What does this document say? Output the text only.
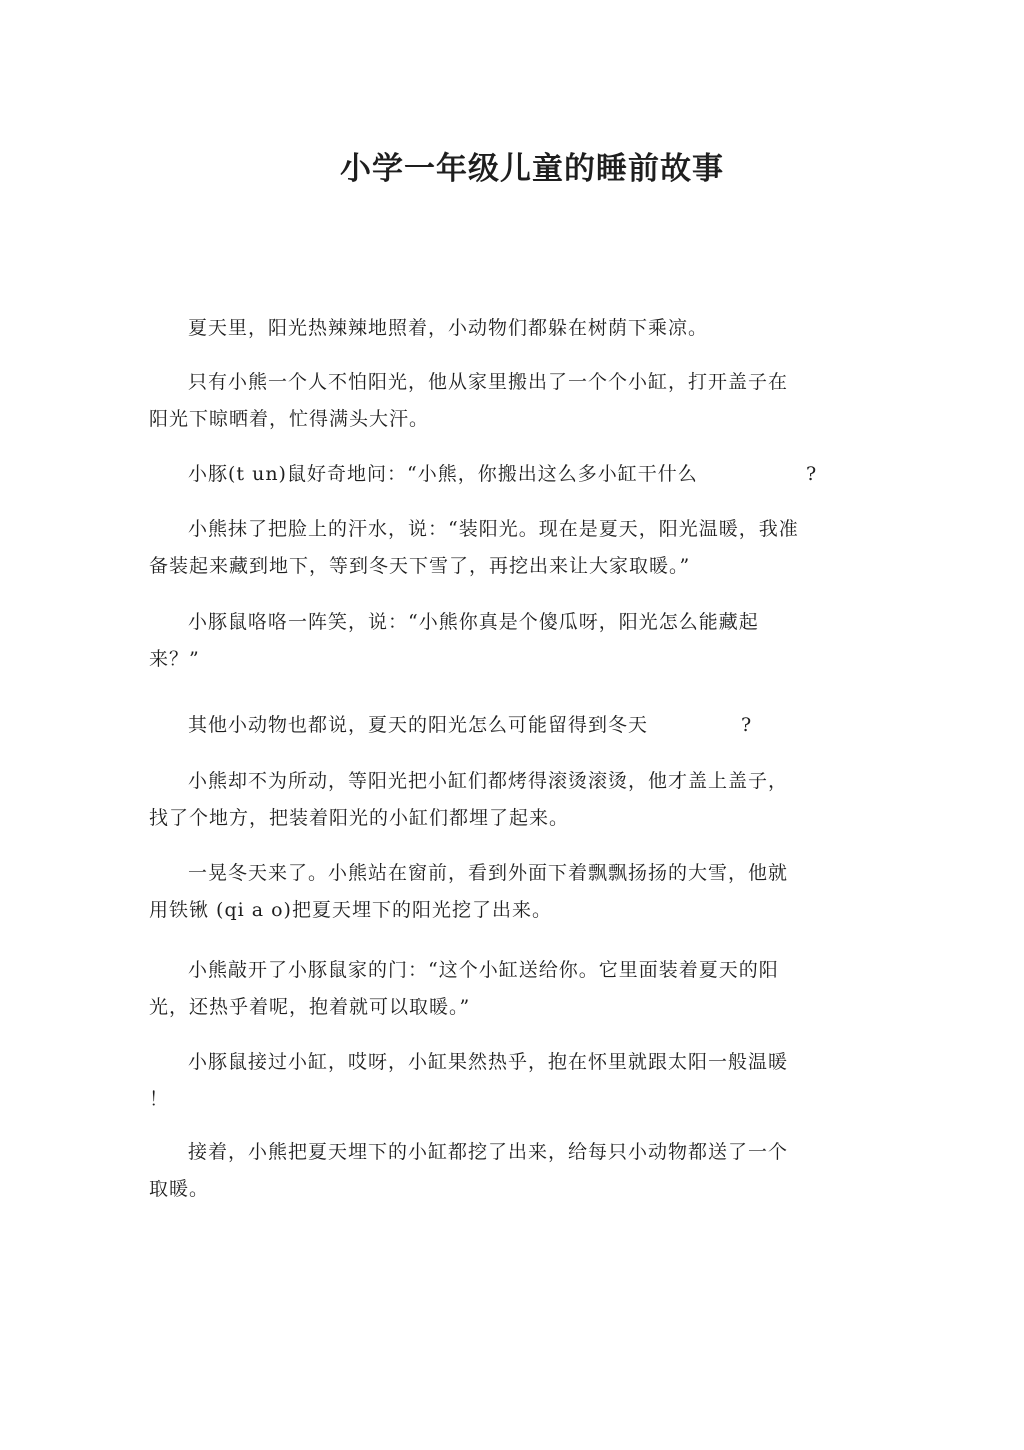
小学一年级儿童的睡前故事

夏天里，阳光热辣辣地照着，小动物们都躲在树荫下乘凉。

只有小熊一个人不怕阳光，他从家里搬出了一个个小缸，打开盖子在阳光下晾晒着，忙得满头大汗。

小豚(t un)鼠好奇地问：“小熊，你搬出这么多小缸干什么	?

小熊抹了把脸上的汗水，说：“装阳光。现在是夏天，阳光温暖，我准备装起来藏到地下，等到冬天下雪了，再挖出来让大家取暖。”

小豚鼠咯咯一阵笑，说：“小熊你真是个傻瓜呀，阳光怎么能藏起来？”

其他小动物也都说，夏天的阳光怎么可能留得到冬天	?

小熊却不为所动，等阳光把小缸们都烤得滚烫滚烫，他才盖上盖子，找了个地方，把装着阳光的小缸们都埋了起来。

一晃冬天来了。小熊站在窗前，看到外面下着飘飘扬扬的大雪，他就用铁锹 (qi a o)把夏天埋下的阳光挖了出来。

小熊敲开了小豚鼠家的门：“这个小缸送给你。它里面装着夏天的阳光，还热乎着呢，抱着就可以取暖。”

小豚鼠接过小缸，哎呀，小缸果然热乎，抱在怀里就跟太阳一般温暖 ！

接着，小熊把夏天埋下的小缸都挖了出来，给每只小动物都送了一个取暖。
